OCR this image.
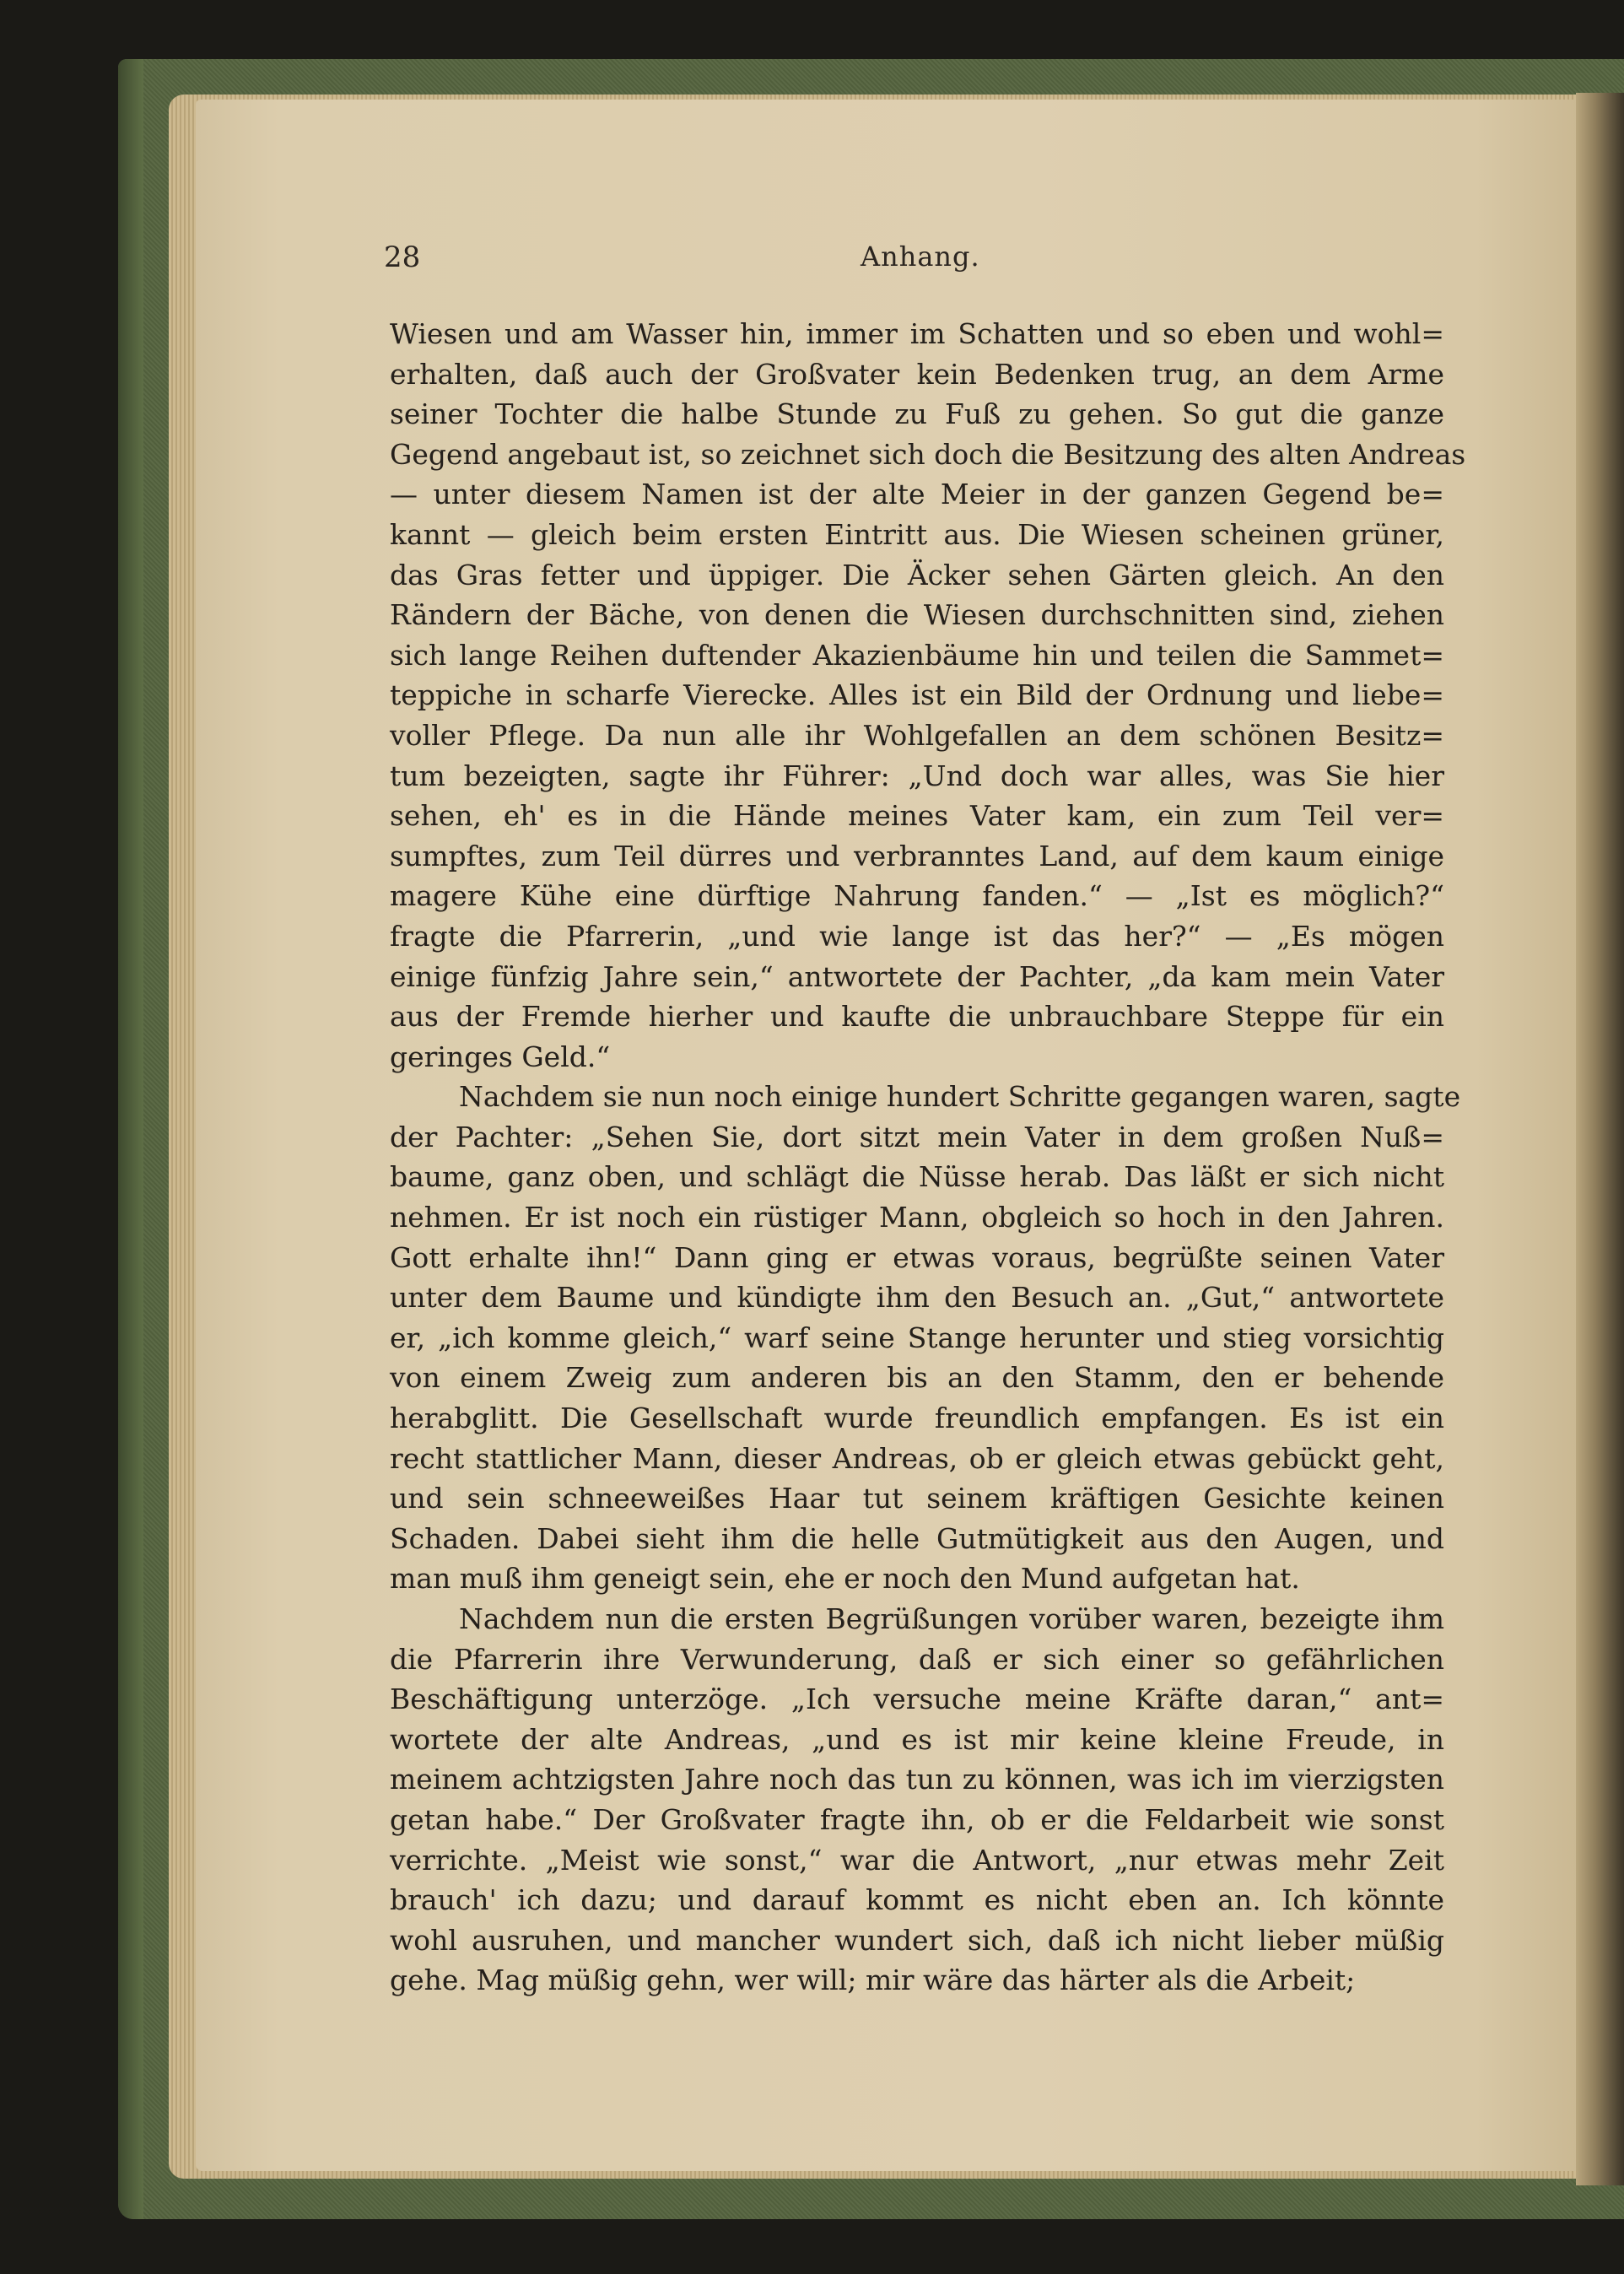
28	Anhang.
Wiesen und am Wasser hin, immer im Schatten und so eben und wohl=
erhalten, daß auch der Großvater kein Bedenken trug, an dem Arme
seiner Tochter die halbe Stunde zu Fuß zu gehen. So gut die ganze
Gegend angebaut ist, so zeichnet sich doch die Besitzung des alten Andreas
— unter diesem Namen ist der alte Meier in der ganzen Gegend be=
kannt — gleich beim ersten Eintritt aus. Die Wiesen scheinen grüner,
das Gras fetter und üppiger. Die Äcker sehen Gärten gleich. An den
Rändern der Bäche, von denen die Wiesen durchschnitten sind, ziehen
sich lange Reihen duftender Akazienbäume hin und teilen die Sammet=
teppiche in scharfe Vierecke. Alles ist ein Bild der Ordnung und liebe=
voller Pflege. Da nun alle ihr Wohlgefallen an dem schönen Besitz=
tum bezeigten, sagte ihr Führer: „Und doch war alles, was Sie hier
sehen, eh' es in die Hände meines Vater kam, ein zum Teil ver=
sumpftes, zum Teil dürres und verbranntes Land, auf dem kaum einige
magere Kühe eine dürftige Nahrung fanden.“ — „Ist es möglich?“
fragte die Pfarrerin, „und wie lange ist das her?“ — „Es mögen
einige fünfzig Jahre sein,“ antwortete der Pachter, „da kam mein Vater
aus der Fremde hierher und kaufte die unbrauchbare Steppe für ein
geringes Geld.“
Nachdem sie nun noch einige hundert Schritte gegangen waren, sagte
der Pachter: „Sehen Sie, dort sitzt mein Vater in dem großen Nuß=
baume, ganz oben, und schlägt die Nüsse herab. Das läßt er sich nicht
nehmen. Er ist noch ein rüstiger Mann, obgleich so hoch in den Jahren.
Gott erhalte ihn!“ Dann ging er etwas voraus, begrüßte seinen Vater
unter dem Baume und kündigte ihm den Besuch an. „Gut,“ antwortete
er, „ich komme gleich,“ warf seine Stange herunter und stieg vorsichtig
von einem Zweig zum anderen bis an den Stamm, den er behende
herabglitt. Die Gesellschaft wurde freundlich empfangen. Es ist ein
recht stattlicher Mann, dieser Andreas, ob er gleich etwas gebückt geht,
und sein schneeweißes Haar tut seinem kräftigen Gesichte keinen
Schaden. Dabei sieht ihm die helle Gutmütigkeit aus den Augen, und
man muß ihm geneigt sein, ehe er noch den Mund aufgetan hat.
Nachdem nun die ersten Begrüßungen vorüber waren, bezeigte ihm
die Pfarrerin ihre Verwunderung, daß er sich einer so gefährlichen
Beschäftigung unterzöge. „Ich versuche meine Kräfte daran,“ ant=
wortete der alte Andreas, „und es ist mir keine kleine Freude, in
meinem achtzigsten Jahre noch das tun zu können, was ich im vierzigsten
getan habe.“ Der Großvater fragte ihn, ob er die Feldarbeit wie sonst
verrichte. „Meist wie sonst,“ war die Antwort, „nur etwas mehr Zeit
brauch' ich dazu; und darauf kommt es nicht eben an. Ich könnte
wohl ausruhen, und mancher wundert sich, daß ich nicht lieber müßig
gehe. Mag müßig gehn, wer will; mir wäre das härter als die Arbeit;
